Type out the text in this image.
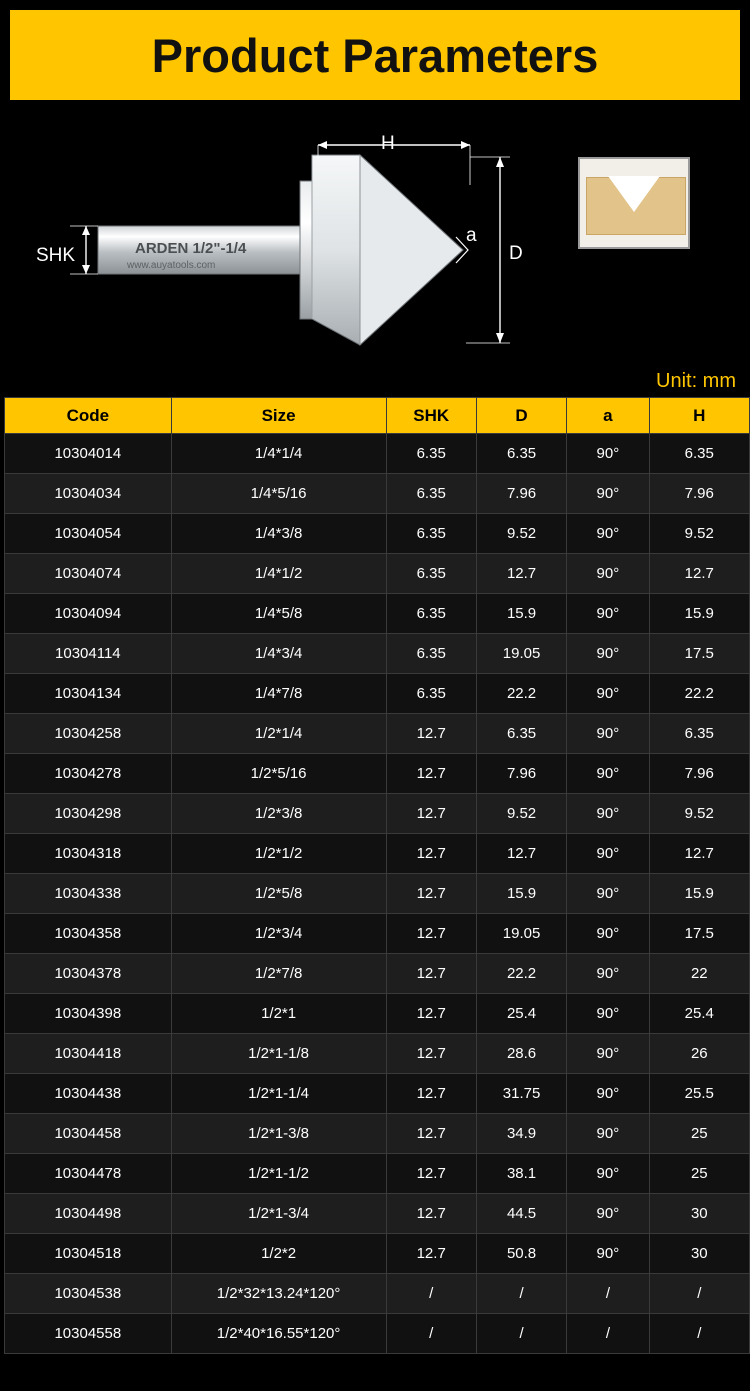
Product Parameters
ARDEN 1/2"-1/4
www.auyatools.com
SHK
H
a
D
Unit: mm
Code	Size	SHK	D	a	H
10304014	1/4*1/4	6.35	6.35	90°	6.35
10304034	1/4*5/16	6.35	7.96	90°	7.96
10304054	1/4*3/8	6.35	9.52	90°	9.52
10304074	1/4*1/2	6.35	12.7	90°	12.7
10304094	1/4*5/8	6.35	15.9	90°	15.9
10304114	1/4*3/4	6.35	19.05	90°	17.5
10304134	1/4*7/8	6.35	22.2	90°	22.2
10304258	1/2*1/4	12.7	6.35	90°	6.35
10304278	1/2*5/16	12.7	7.96	90°	7.96
10304298	1/2*3/8	12.7	9.52	90°	9.52
10304318	1/2*1/2	12.7	12.7	90°	12.7
10304338	1/2*5/8	12.7	15.9	90°	15.9
10304358	1/2*3/4	12.7	19.05	90°	17.5
10304378	1/2*7/8	12.7	22.2	90°	22
10304398	1/2*1	12.7	25.4	90°	25.4
10304418	1/2*1-1/8	12.7	28.6	90°	26
10304438	1/2*1-1/4	12.7	31.75	90°	25.5
10304458	1/2*1-3/8	12.7	34.9	90°	25
10304478	1/2*1-1/2	12.7	38.1	90°	25
10304498	1/2*1-3/4	12.7	44.5	90°	30
10304518	1/2*2	12.7	50.8	90°	30
10304538	1/2*32*13.24*120°	/	/	/	/
10304558	1/2*40*16.55*120°	/	/	/	/
